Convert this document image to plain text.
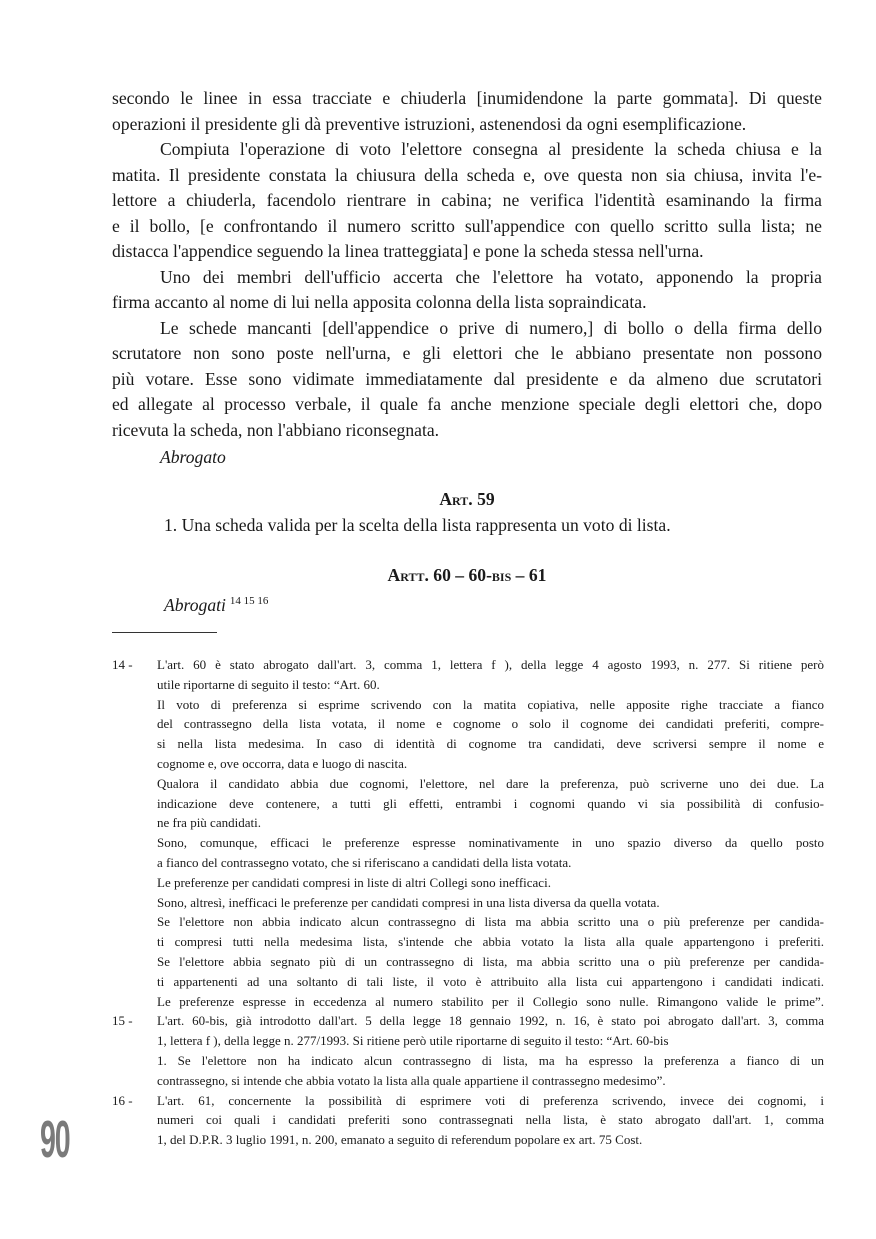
secondo le linee in essa tracciate e chiuderla [inumidendone la parte gommata]. Di queste
operazioni il presidente gli dà preventive istruzioni, astenendosi da ogni esemplificazione.
Compiuta l'operazione di voto l'elettore consegna al presidente la scheda chiusa e la
matita. Il presidente constata la chiusura della scheda e, ove questa non sia chiusa, invita l'e-
lettore a chiuderla, facendolo rientrare in cabina; ne verifica l'identità esaminando la firma
e il bollo, [e confrontando il numero scritto sull'appendice con quello scritto sulla lista; ne
distacca l'appendice seguendo la linea tratteggiata] e pone la scheda stessa nell'urna.
Uno dei membri dell'ufficio accerta che l'elettore ha votato, apponendo la propria
firma accanto al nome di lui nella apposita colonna della lista sopraindicata.
Le schede mancanti [dell'appendice o prive di numero,] di bollo o della firma dello
scrutatore non sono poste nell'urna, e gli elettori che le abbiano presentate non possono
più votare. Esse sono vidimate immediatamente dal presidente e da almeno due scrutatori
ed allegate al processo verbale, il quale fa anche menzione speciale degli elettori che, dopo
ricevuta la scheda, non l'abbiano riconsegnata.
Abrogato
Art. 59
1. Una scheda valida per la scelta della lista rappresenta un voto di lista.
Artt. 60 – 60-bis – 61
Abrogati $^{14 15 16}$
14 -	L'art. 60 è stato abrogato dall'art. 3, comma 1, lettera f ), della legge 4 agosto 1993, n. 277. Si ritiene però
utile riportarne di seguito il testo: “Art. 60.
Il voto di preferenza si esprime scrivendo con la matita copiativa, nelle apposite righe tracciate a fianco
del contrassegno della lista votata, il nome e cognome o solo il cognome dei candidati preferiti, compre-
si nella lista medesima. In caso di identità di cognome tra candidati, deve scriversi sempre il nome e
cognome e, ove occorra, data e luogo di nascita.
Qualora il candidato abbia due cognomi, l'elettore, nel dare la preferenza, può scriverne uno dei due. La
indicazione deve contenere, a tutti gli effetti, entrambi i cognomi quando vi sia possibilità di confusio-
ne fra più candidati.
Sono, comunque, efficaci le preferenze espresse nominativamente in uno spazio diverso da quello posto
a fianco del contrassegno votato, che si riferiscano a candidati della lista votata.
Le preferenze per candidati compresi in liste di altri Collegi sono inefficaci.
Sono, altresì, inefficaci le preferenze per candidati compresi in una lista diversa da quella votata.
Se l'elettore non abbia indicato alcun contrassegno di lista ma abbia scritto una o più preferenze per candida-
ti compresi tutti nella medesima lista, s'intende che abbia votato la lista alla quale appartengono i preferiti.
Se l'elettore abbia segnato più di un contrassegno di lista, ma abbia scritto una o più preferenze per candida-
ti appartenenti ad una soltanto di tali liste, il voto è attribuito alla lista cui appartengono i candidati indicati.
Le preferenze espresse in eccedenza al numero stabilito per il Collegio sono nulle. Rimangono valide le prime”.
15 -	L'art. 60-bis, già introdotto dall'art. 5 della legge 18 gennaio 1992, n. 16, è stato poi abrogato dall'art. 3, comma
1, lettera f ), della legge n. 277/1993. Si ritiene però utile riportarne di seguito il testo: “Art. 60-bis
1. Se l'elettore non ha indicato alcun contrassegno di lista, ma ha espresso la preferenza a fianco di un
contrassegno, si intende che abbia votato la lista alla quale appartiene il contrassegno medesimo”.
16 -	L'art. 61, concernente la possibilità di esprimere voti di preferenza scrivendo, invece dei cognomi, i
numeri coi quali i candidati preferiti sono contrassegnati nella lista, è stato abrogato dall'art. 1, comma
1, del D.P.R. 3 luglio 1991, n. 200, emanato a seguito di referendum popolare ex art. 75 Cost.
90
